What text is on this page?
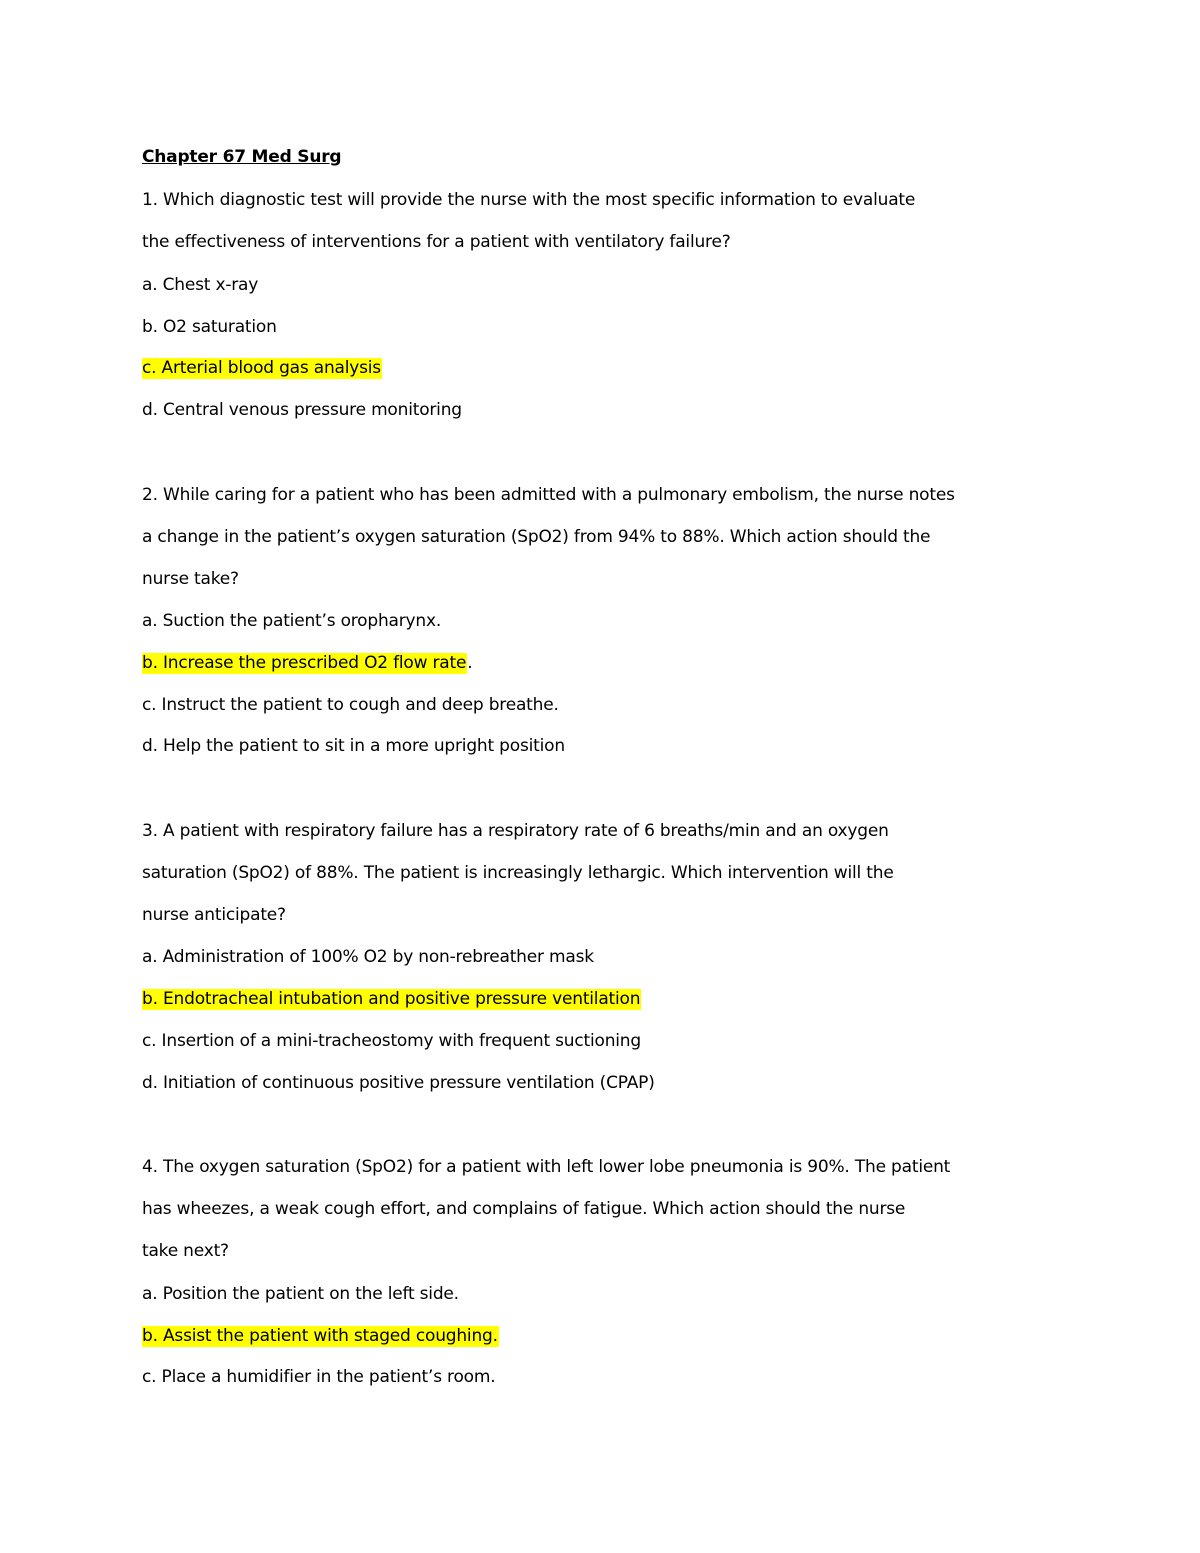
Chapter 67 Med Surg
1. Which diagnostic test will provide the nurse with the most specific information to evaluate
the effectiveness of interventions for a patient with ventilatory failure?
a. Chest x-ray
b. O2 saturation
c. Arterial blood gas analysis
d. Central venous pressure monitoring
2. While caring for a patient who has been admitted with a pulmonary embolism, the nurse notes
a change in the patient’s oxygen saturation (SpO2) from 94% to 88%. Which action should the
nurse take?
a. Suction the patient’s oropharynx.
b. Increase the prescribed O2 flow rate.
c. Instruct the patient to cough and deep breathe.
d. Help the patient to sit in a more upright position
3. A patient with respiratory failure has a respiratory rate of 6 breaths/min and an oxygen
saturation (SpO2) of 88%. The patient is increasingly lethargic. Which intervention will the
nurse anticipate?
a. Administration of 100% O2 by non-rebreather mask
b. Endotracheal intubation and positive pressure ventilation
c. Insertion of a mini-tracheostomy with frequent suctioning
d. Initiation of continuous positive pressure ventilation (CPAP)
4. The oxygen saturation (SpO2) for a patient with left lower lobe pneumonia is 90%. The patient
has wheezes, a weak cough effort, and complains of fatigue. Which action should the nurse
take next?
a. Position the patient on the left side.
b. Assist the patient with staged coughing.
c. Place a humidifier in the patient’s room.
